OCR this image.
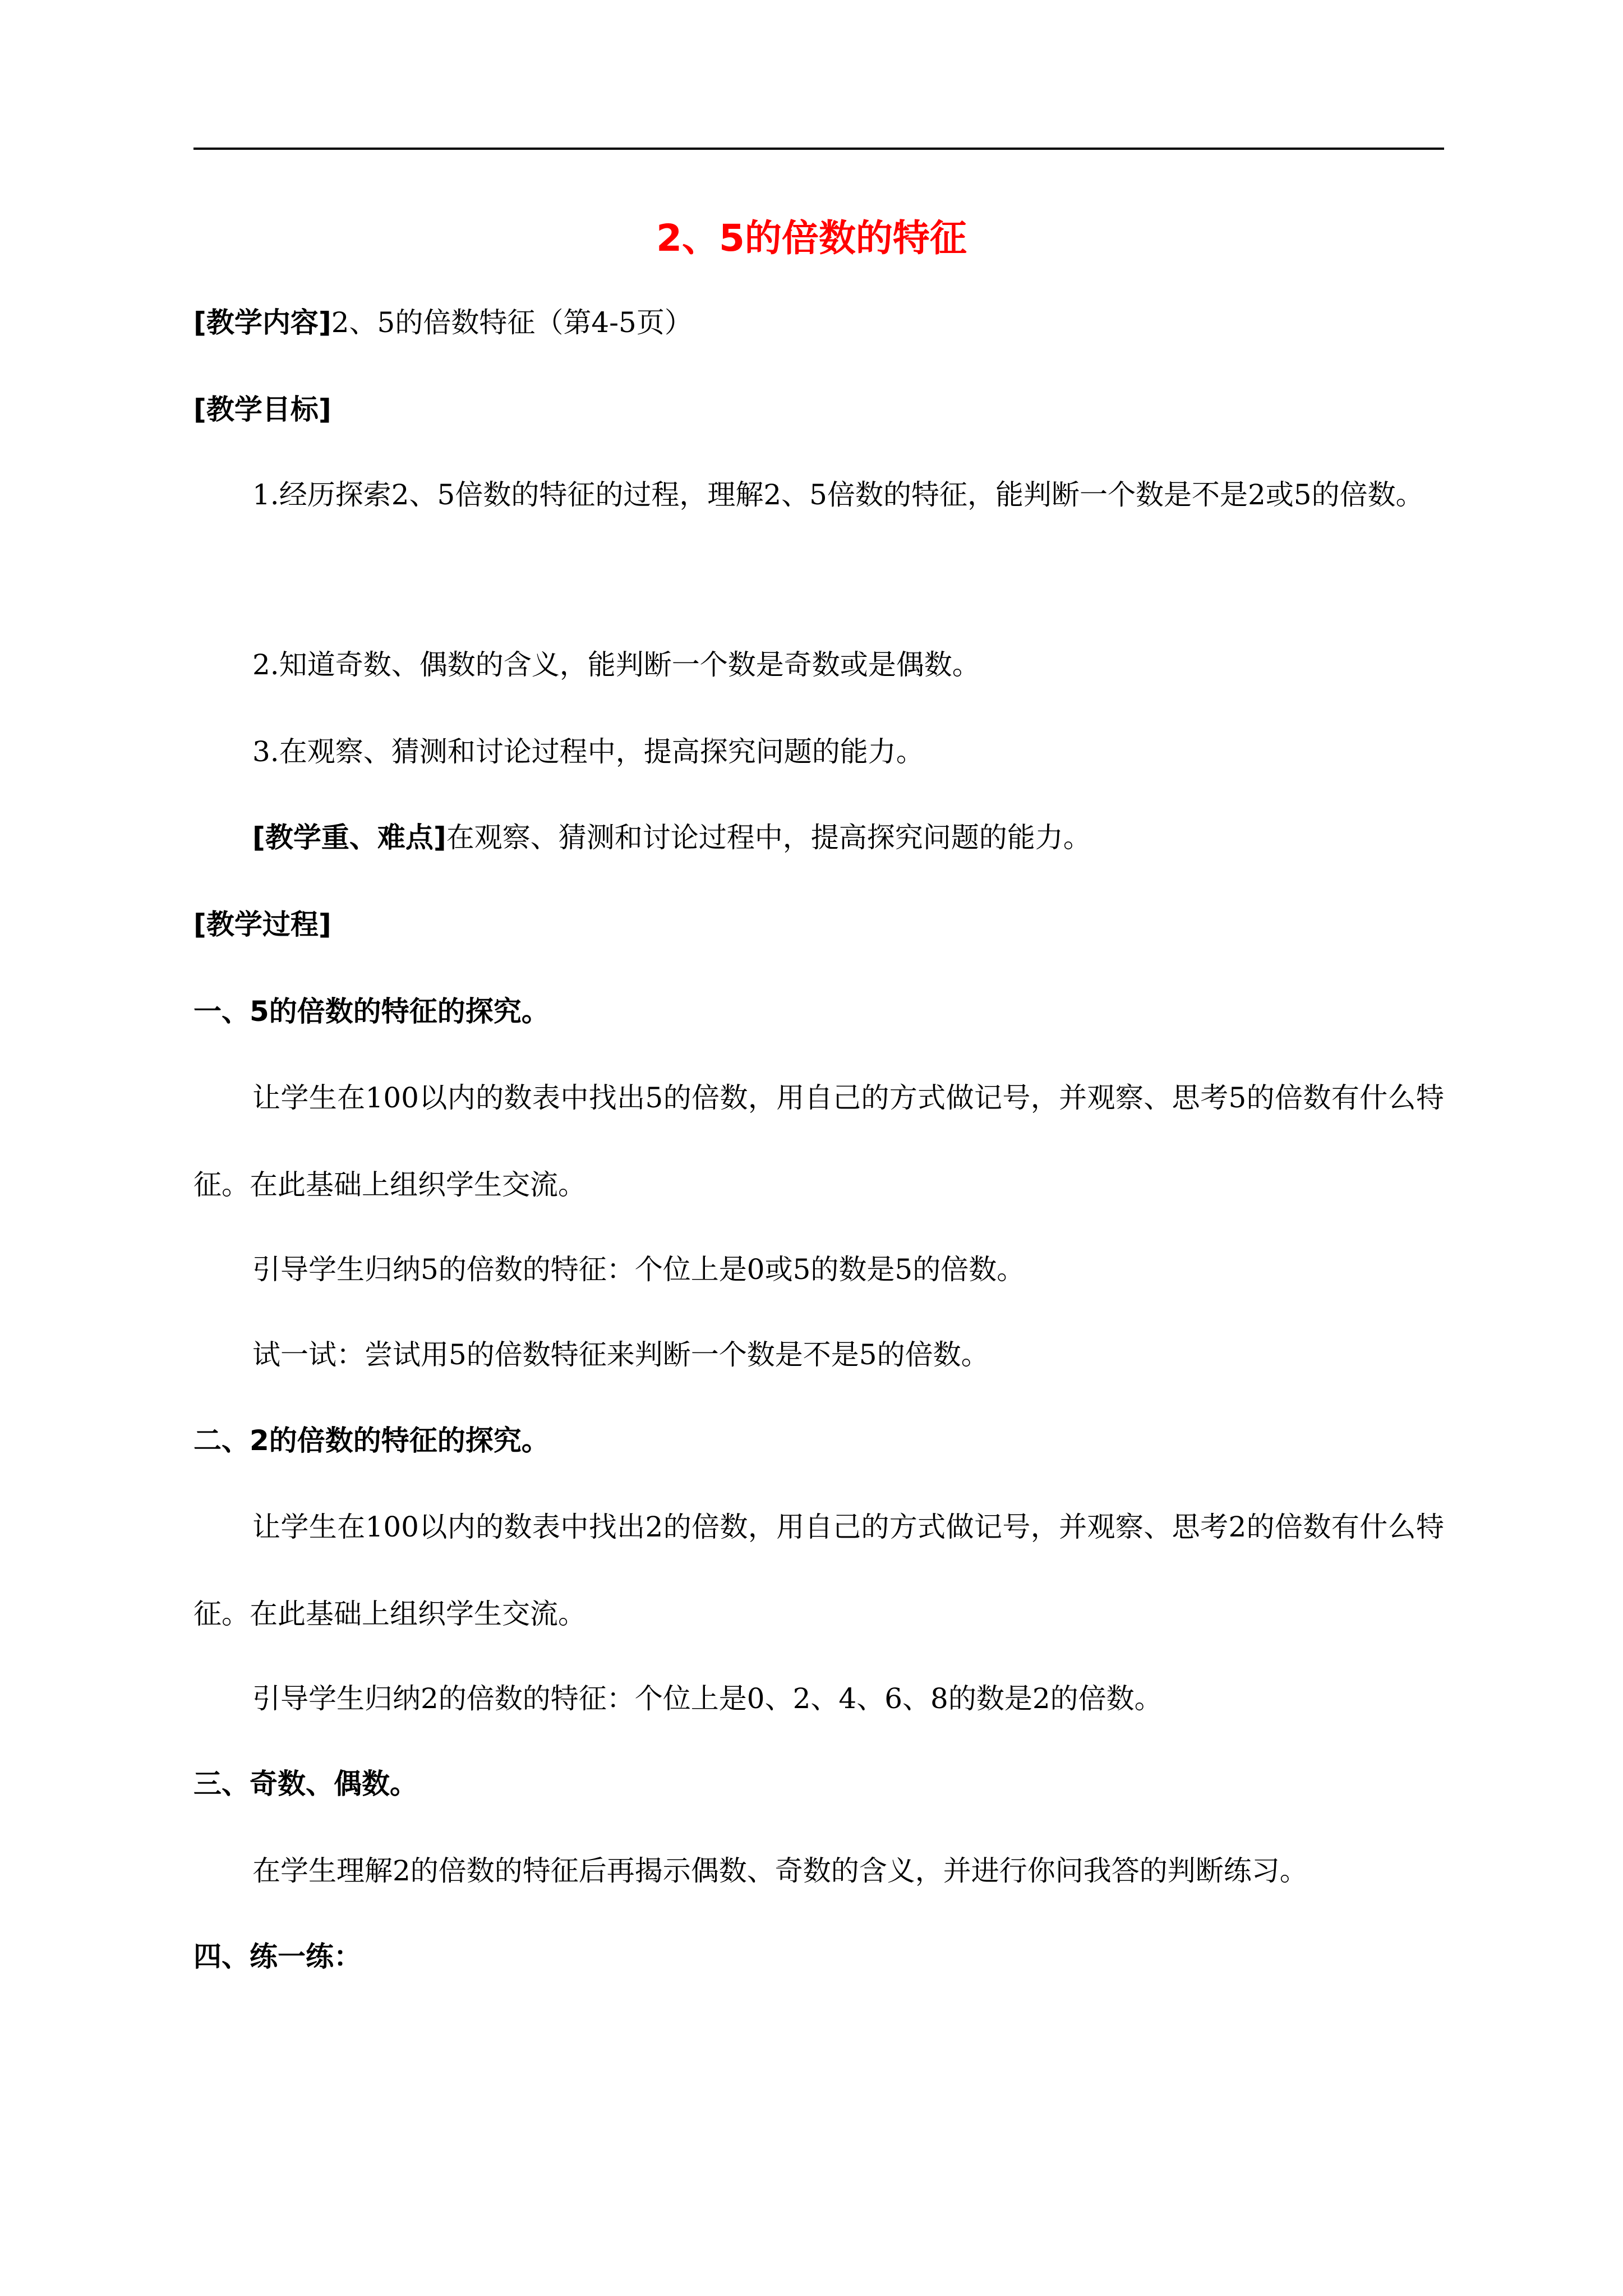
2、5的倍数的特征
[教学内容]2、5的倍数特征（第4-5页）
[教学目标]
1.经历探索2、5倍数的特征的过程，理解2、5倍数的特征，能判断一个数是不是2或5的倍数。
2.知道奇数、偶数的含义，能判断一个数是奇数或是偶数。
3.在观察、猜测和讨论过程中，提高探究问题的能力。
[教学重、难点]在观察、猜测和讨论过程中，提高探究问题的能力。
[教学过程]
一、5的倍数的特征的探究。
让学生在100以内的数表中找出5的倍数，用自己的方式做记号，并观察、思考5的倍数有什么特征。在此基础上组织学生交流。
引导学生归纳5的倍数的特征：个位上是0或5的数是5的倍数。
试一试：尝试用5的倍数特征来判断一个数是不是5的倍数。
二、2的倍数的特征的探究。
让学生在100以内的数表中找出2的倍数，用自己的方式做记号，并观察、思考2的倍数有什么特征。在此基础上组织学生交流。
引导学生归纳2的倍数的特征：个位上是0、2、4、6、8的数是2的倍数。
三、奇数、偶数。
在学生理解2的倍数的特征后再揭示偶数、奇数的含义，并进行你问我答的判断练习。
四、练一练：
